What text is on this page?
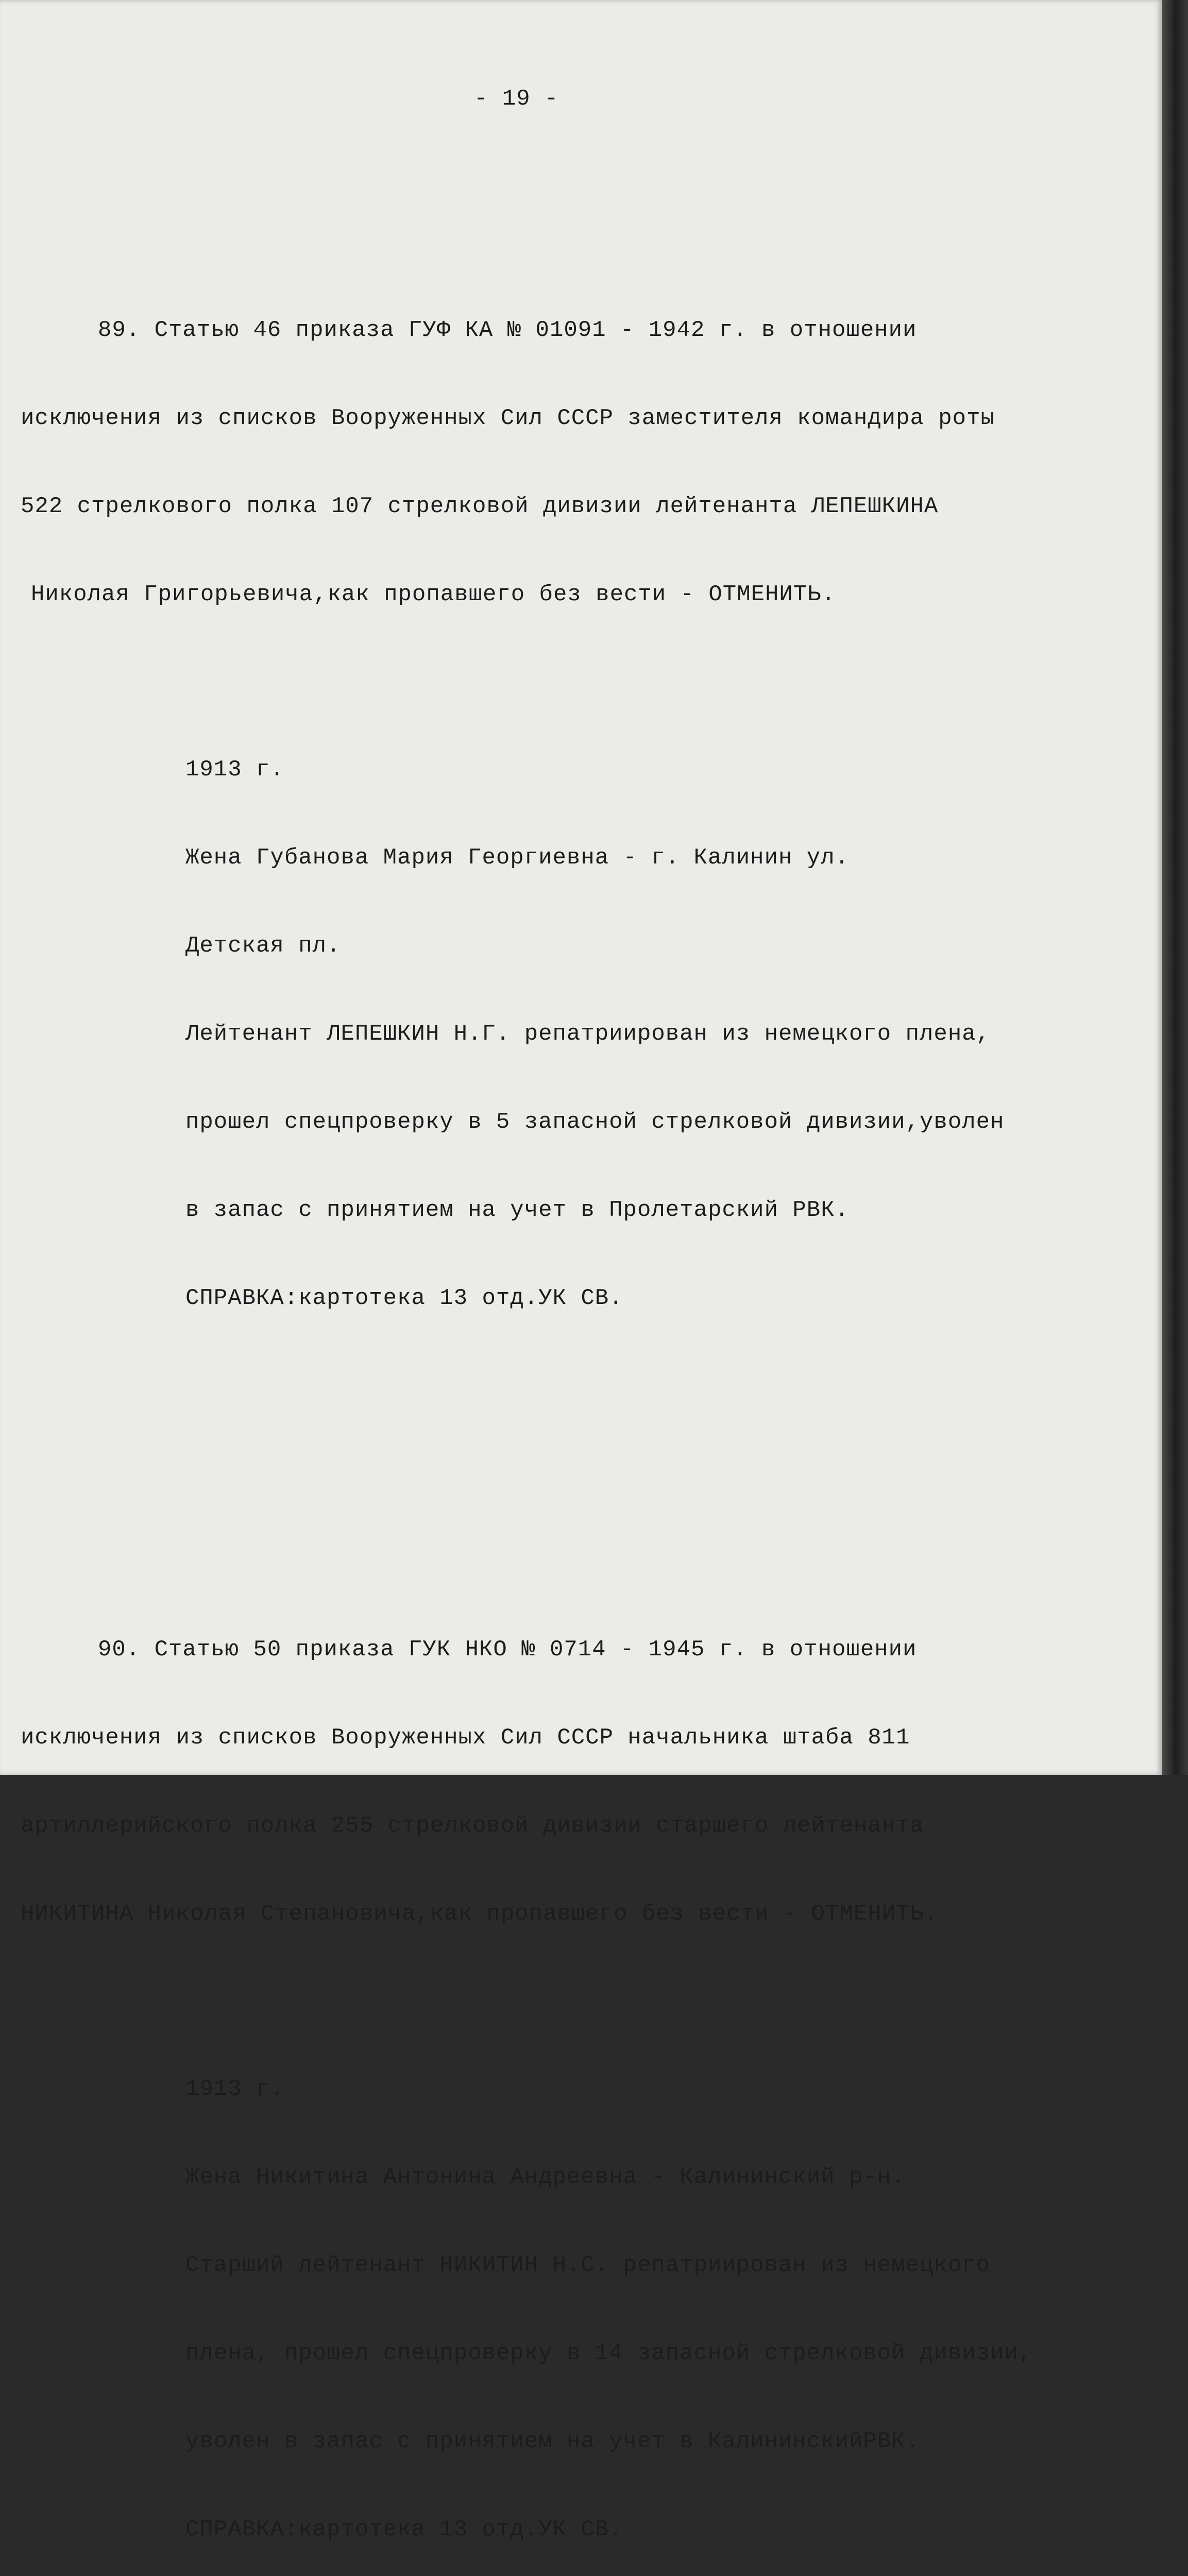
- 19 -

89. Статью 46 приказа ГУФ КА № 01091 - 1942 г. в отношении

исключения из списков Вооруженных Сил СССР заместителя командира роты

522 стрелкового полка 107 стрелковой дивизии лейтенанта ЛЕПЕШКИНА

Николая Григорьевича,как пропавшего без вести - ОТМЕНИТЬ.

1913 г.

Жена Губанова Мария Георгиевна - г. Калинин ул.

Детская пл.

Лейтенант ЛЕПЕШКИН Н.Г. репатриирован из немецкого плена,

прошел спецпроверку в 5 запасной стрелковой дивизии,уволен

в запас с принятием на учет в Пролетарский РВК.

СПРАВКА:картотека 13 отд.УК СВ.

90. Статью 50 приказа ГУК НКО № 0714 - 1945 г. в отношении

исключения из списков Вооруженных Сил СССР начальника штаба 811

артиллерийского полка 255 стрелковой дивизии старшего лейтенанта

НИКИТИНА Николая Степановича,как пропавшего без вести - ОТМЕНИТЬ.

1913 г.

Жена Никитина Антонина Андреевна - Калининский р-н.

Старший лейтенант НИКИТИН Н.С. репатриирован из немецкого

плена, прошел спецпроверку в 14 запасной стрелковой дивизии,

уволен в запас с принятием на учет в КалининскийРВК.

СПРАВКА:картотека 13 отд.УК СВ.
